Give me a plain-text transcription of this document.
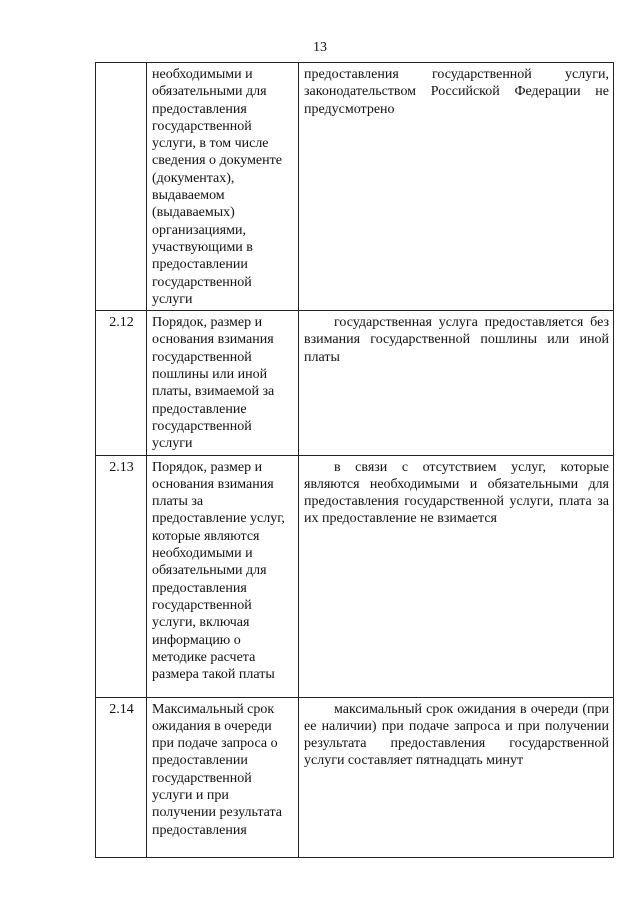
13
	необходимыми и обязательными для предоставления государственной услуги, в том числе сведения о документе (документах), выдаваемом (выдаваемых) организациями, участвующими в предоставлении государственной услуги	предоставления государственной услуги, законодательством Российской Федерации не предусмотрено
2.12	Порядок, размер и основания взимания государственной пошлины или иной платы, взимаемой за предоставление государственной услуги	государственная услуга предоставляется без взимания государственной пошлины или иной платы
2.13	Порядок, размер и основания взимания платы за предоставление услуг, которые являются необходимыми и обязательными для предоставления государственной услуги, включая информацию о методике расчета размера такой платы	в связи с отсутствием услуг, которые являются необходимыми и обязательными для предоставления государственной услуги, плата за их предоставление не взимается
2.14	Максимальный срок ожидания в очереди при подаче запроса о предоставлении государственной услуги и при получении результата предоставления	максимальный срок ожидания в очереди (при ее наличии) при подаче запроса и при получении результата предоставления государственной услуги составляет пятнадцать минут
